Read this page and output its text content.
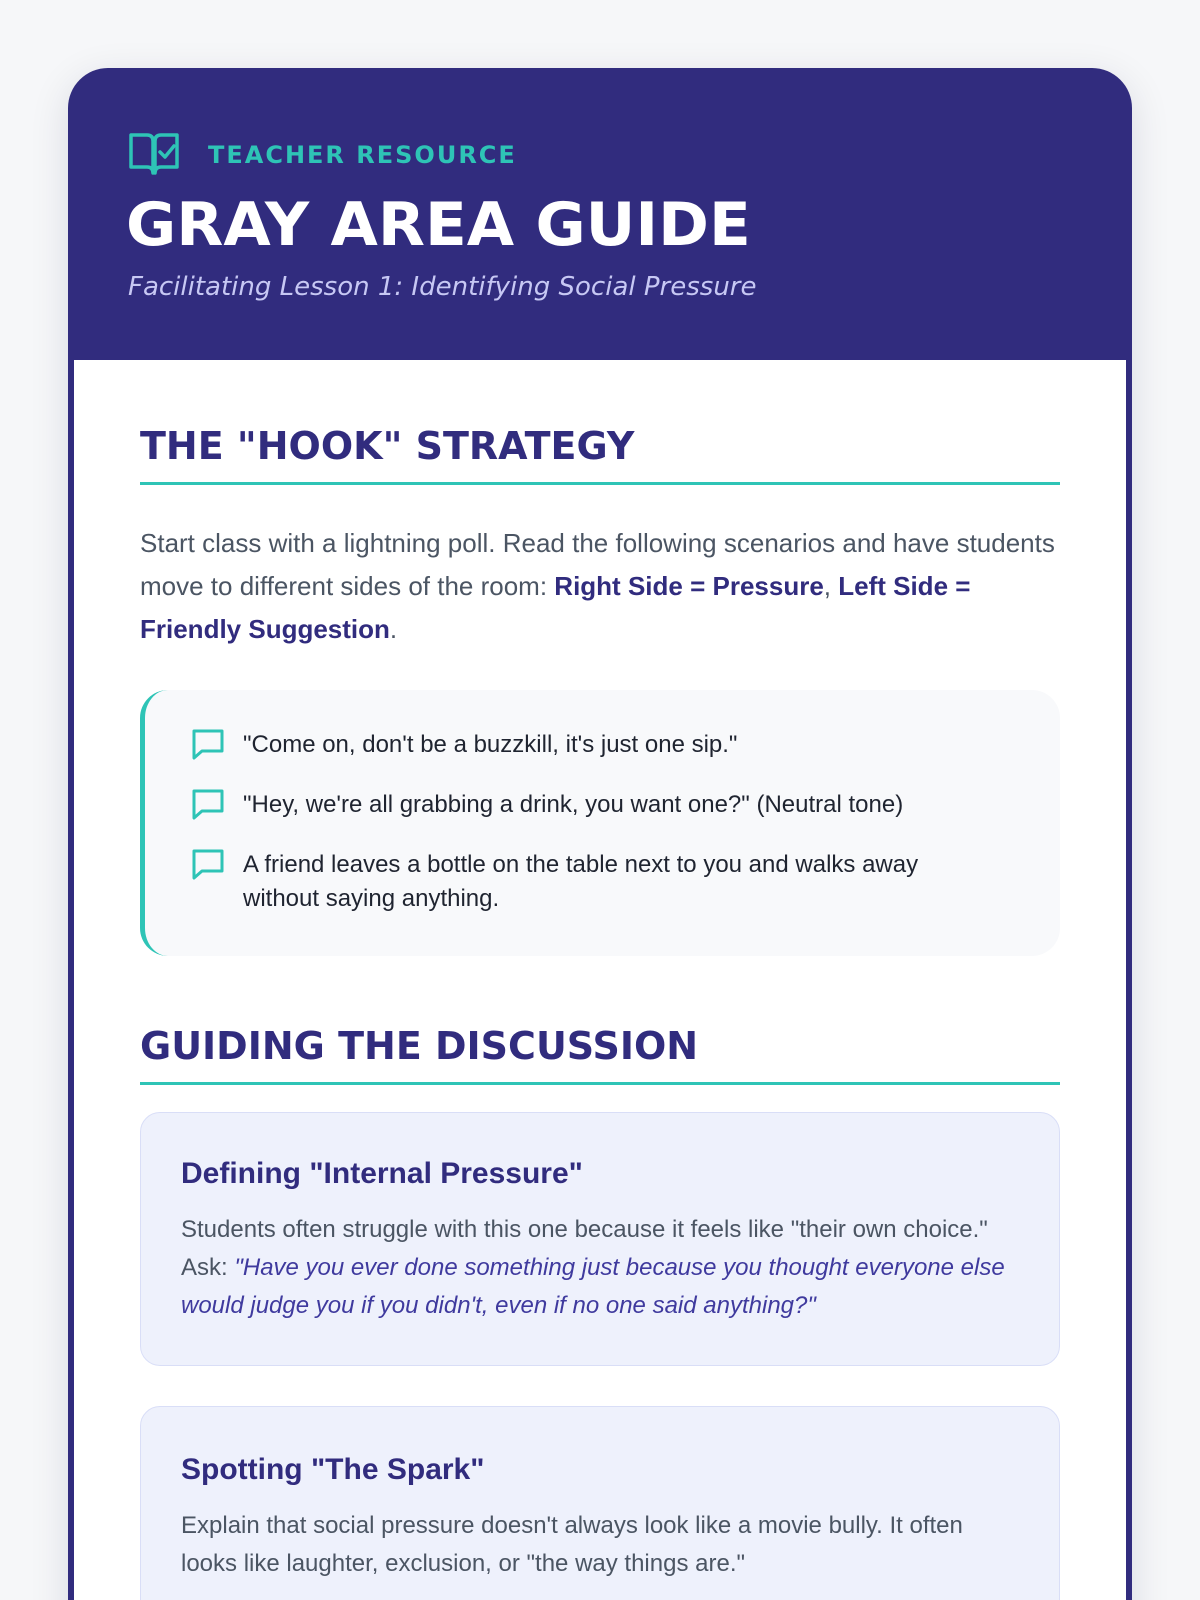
TEACHER RESOURCE
GRAY AREA GUIDE
Facilitating Lesson 1: Identifying Social Pressure
THE "HOOK" STRATEGY

Start class with a lightning poll. Read the following scenarios and have students move to different sides of the room: Right Side = Pressure, Left Side = Friendly Suggestion.

"Come on, don't be a buzzkill, it's just one sip."
"Hey, we're all grabbing a drink, you want one?" (Neutral tone)
A friend leaves a bottle on the table next to you and walks away without saying anything.
GUIDING THE DISCUSSION
Defining "Internal Pressure"

Students often struggle with this one because it feels like "their own choice." Ask: "Have you ever done something just because you thought everyone else would judge you if you didn't, even if no one said anything?"

Spotting "The Spark"

Explain that social pressure doesn't always look like a movie bully. It often looks like laughter, exclusion, or "the way things are."
